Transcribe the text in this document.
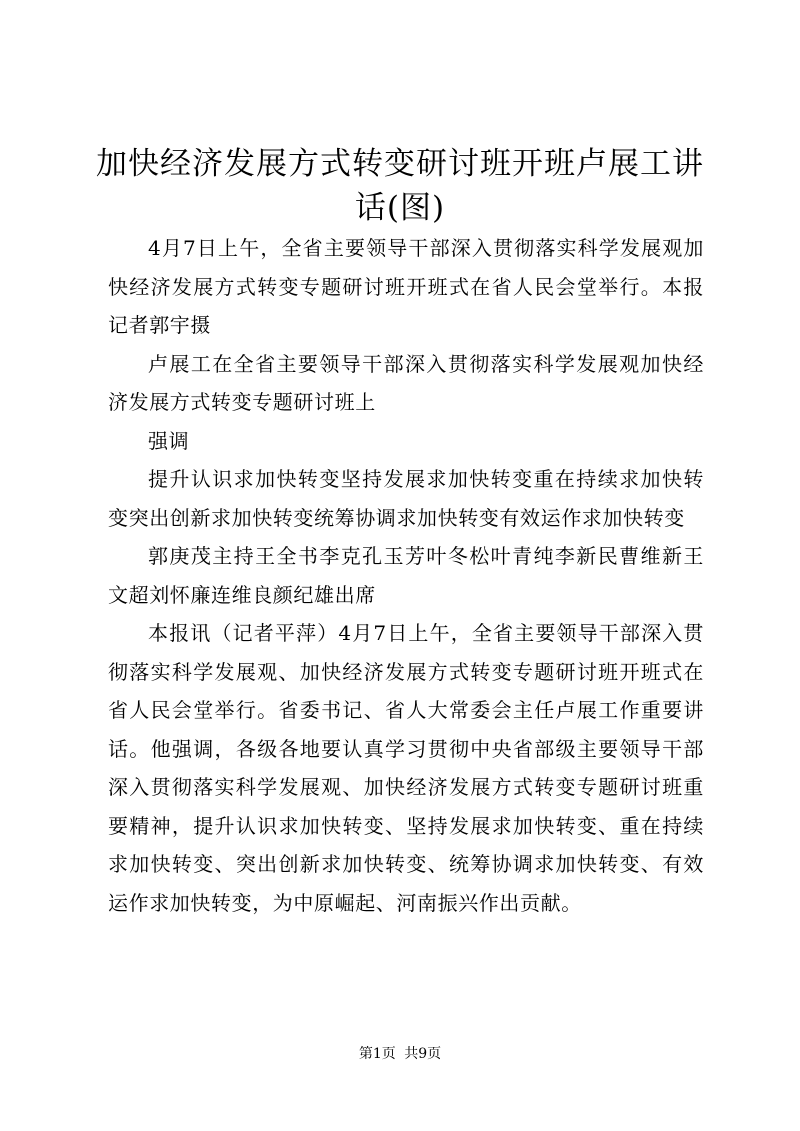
加快经济发展方式转变研讨班开班卢展工讲话(图)

4月7日上午，全省主要领导干部深入贯彻落实科学发展观加快经济发展方式转变专题研讨班开班式在省人民会堂举行。本报记者郭宇摄

卢展工在全省主要领导干部深入贯彻落实科学发展观加快经济发展方式转变专题研讨班上

强调

提升认识求加快转变坚持发展求加快转变重在持续求加快转变突出创新求加快转变统筹协调求加快转变有效运作求加快转变

郭庚茂主持王全书李克孔玉芳叶冬松叶青纯李新民曹维新王文超刘怀廉连维良颜纪雄出席

本报讯（记者平萍）4月7日上午，全省主要领导干部深入贯彻落实科学发展观、加快经济发展方式转变专题研讨班开班式在省人民会堂举行。省委书记、省人大常委会主任卢展工作重要讲话。他强调，各级各地要认真学习贯彻中央省部级主要领导干部深入贯彻落实科学发展观、加快经济发展方式转变专题研讨班重要精神，提升认识求加快转变、坚持发展求加快转变、重在持续求加快转变、突出创新求加快转变、统筹协调求加快转变、有效运作求加快转变，为中原崛起、河南振兴作出贡献。

第1页 共9页
